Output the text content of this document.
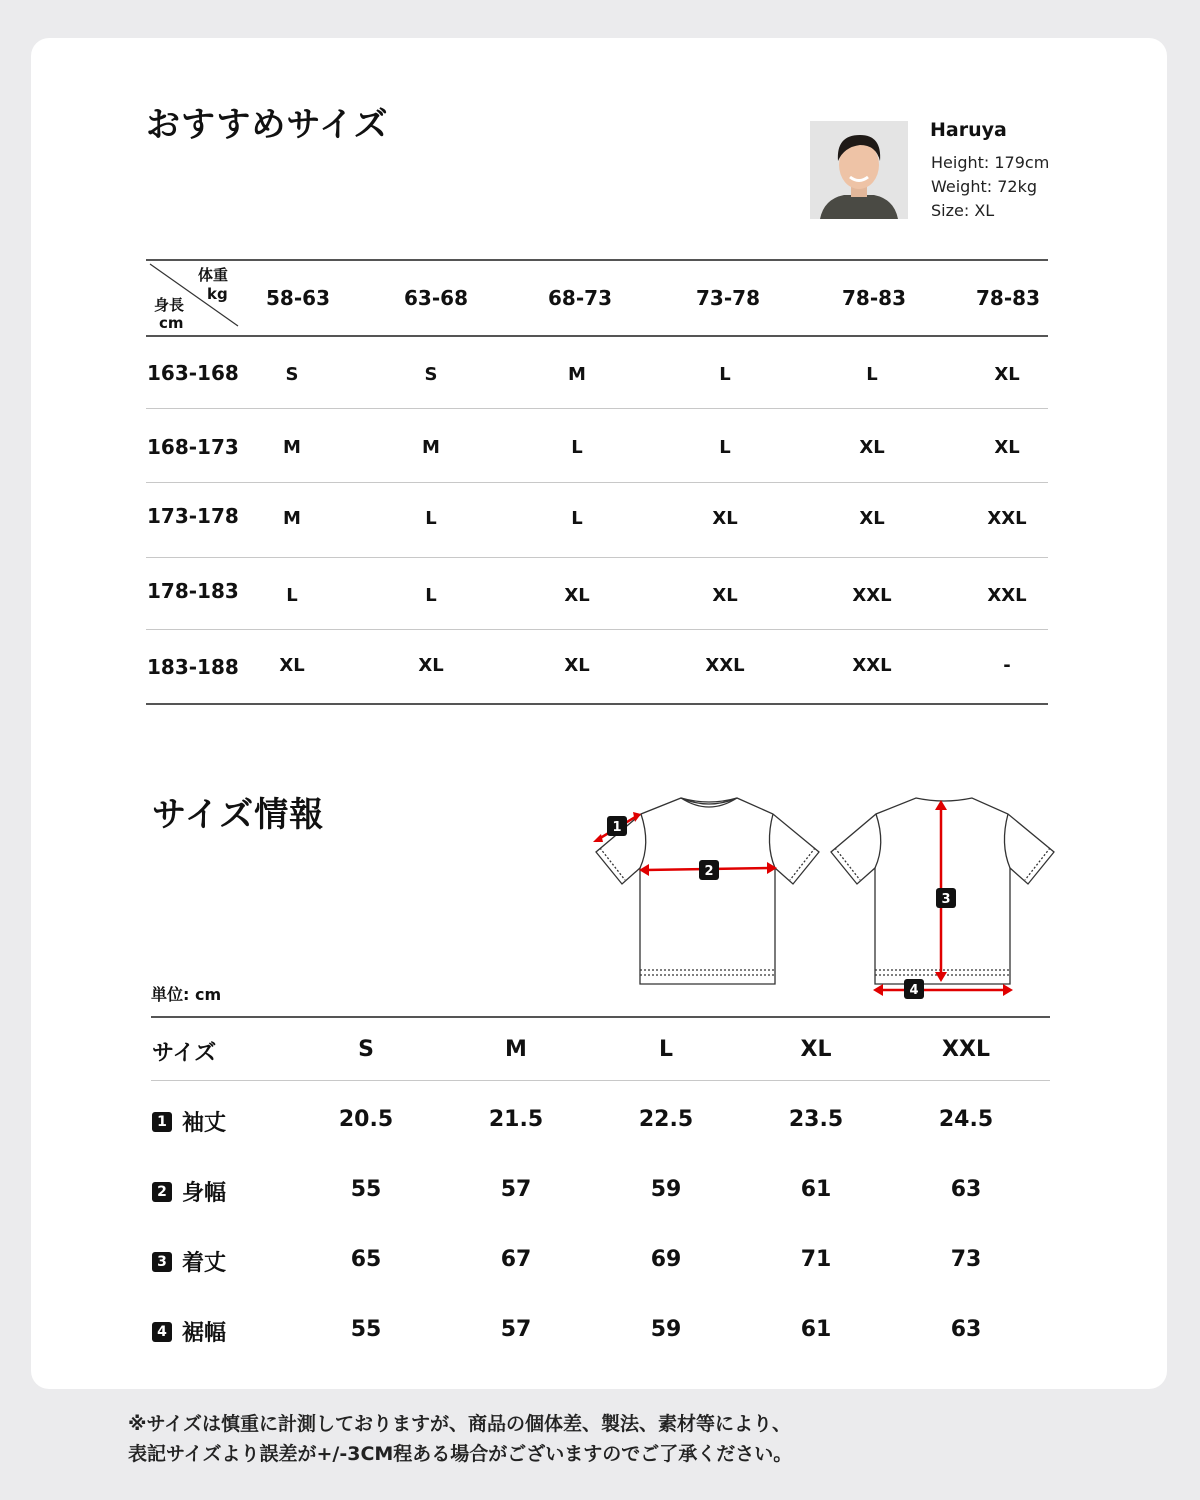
おすすめサイズ	Haruya
Height: 179cm
Weight: 72kg
Size: XL
体重
kg
身長
cm
58-63	63-68	68-73	73-78	78-83	78-83
163-168	S	S	M	L	L	XL
168-173	M	M	L	L	XL	XL
173-178	M	L	L	XL	XL	XXL
178-183	L	L	XL	XL	XXL	XXL
183-188	XL	XL	XL	XXL	XXL	-
サイズ情報	1
2
3
4
単位: cm
サイズ	S	M	L	XL	XXL
1 袖丈	20.5	21.5	22.5	23.5	24.5
2 身幅	55	57	59	61	63
3 着丈	65	67	69	71	73
4 裾幅	55	57	59	61	63
※サイズは慎重に計測しておりますが、商品の個体差、製法、素材等により、
表記サイズより誤差が+/-3CM程ある場合がございますのでご了承ください。
